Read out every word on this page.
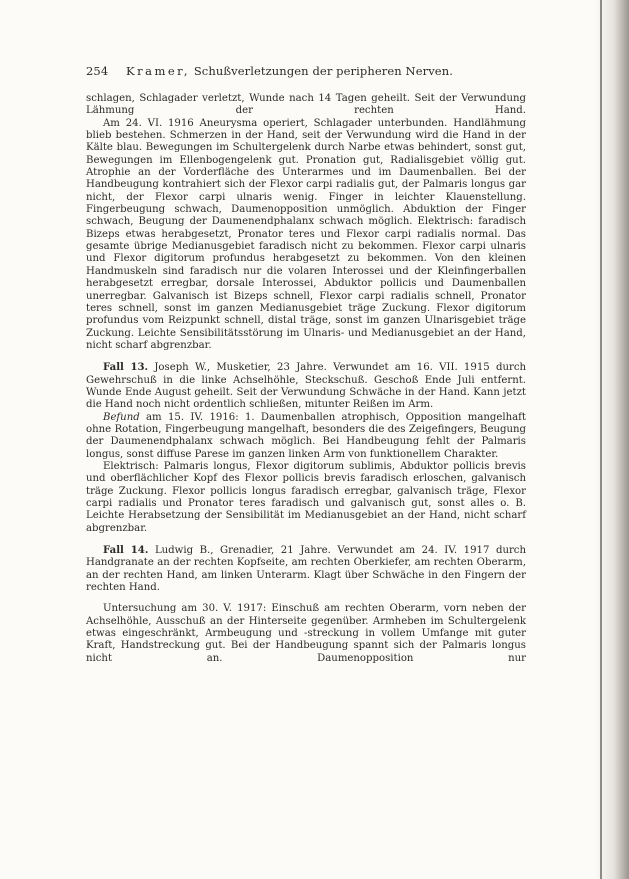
254 Kramer, Schußverletzungen der peripheren Nerven.

schlagen, Schlagader verletzt, Wunde nach 14 Tagen geheilt. Seit der Verwundung Lähmung der rechten Hand.

Am 24. VI. 1916 Aneurysma operiert, Schlagader unterbunden. Handlähmung blieb bestehen. Schmerzen in der Hand, seit der Verwundung wird die Hand in der Kälte blau. Bewegungen im Schultergelenk durch Narbe etwas behindert, sonst gut, Bewegungen im Ellenbogengelenk gut. Pronation gut, Radialisgebiet völlig gut. Atrophie an der Vorderfläche des Unterarmes und im Daumenballen. Bei der Handbeugung kontrahiert sich der Flexor carpi radialis gut, der Palmaris longus gar nicht, der Flexor carpi ulnaris wenig. Finger in leichter Klauenstellung. Fingerbeugung schwach, Daumenopposition unmöglich. Abduktion der Finger schwach, Beugung der Daumenendphalanx schwach möglich. Elektrisch: faradisch Bizeps etwas herabgesetzt, Pronator teres und Flexor carpi radialis normal. Das gesamte übrige Medianusgebiet faradisch nicht zu bekommen. Flexor carpi ulnaris und Flexor digitorum profundus herabgesetzt zu bekommen. Von den kleinen Handmuskeln sind faradisch nur die volaren Interossei und der Kleinfingerballen herabgesetzt erregbar, dorsale Interossei, Abduktor pollicis und Daumenballen unerregbar. Galvanisch ist Bizeps schnell, Flexor carpi radialis schnell, Pronator teres schnell, sonst im ganzen Medianusgebiet träge Zuckung. Flexor digitorum profundus vom Reizpunkt schnell, distal träge, sonst im ganzen Ulnarisgebiet träge Zuckung. Leichte Sensibilitätsstörung im Ulnaris- und Medianusgebiet an der Hand, nicht scharf abgrenzbar.

Fall 13. Joseph W., Musketier, 23 Jahre. Verwundet am 16. VII. 1915 durch Gewehrschuß in die linke Achselhöhle, Steckschuß. Geschoß Ende Juli entfernt. Wunde Ende August geheilt. Seit der Verwundung Schwäche in der Hand. Kann jetzt die Hand noch nicht ordentlich schließen, mitunter Reißen im Arm.

Befund am 15. IV. 1916: 1. Daumenballen atrophisch, Opposition mangelhaft ohne Rotation, Fingerbeugung mangelhaft, besonders die des Zeigefingers, Beugung der Daumenendphalanx schwach möglich. Bei Handbeugung fehlt der Palmaris longus, sonst diffuse Parese im ganzen linken Arm von funktionellem Charakter.

Elektrisch: Palmaris longus, Flexor digitorum sublimis, Abduktor pollicis brevis und oberflächlicher Kopf des Flexor pollicis brevis faradisch erloschen, galvanisch träge Zuckung. Flexor pollicis longus faradisch erregbar, galvanisch träge, Flexor carpi radialis und Pronator teres faradisch und galvanisch gut, sonst alles o. B. Leichte Herabsetzung der Sensibilität im Medianusgebiet an der Hand, nicht scharf abgrenzbar.

Fall 14. Ludwig B., Grenadier, 21 Jahre. Verwundet am 24. IV. 1917 durch Handgranate an der rechten Kopfseite, am rechten Oberkiefer, am rechten Oberarm, an der rechten Hand, am linken Unterarm. Klagt über Schwäche in den Fingern der rechten Hand.

Untersuchung am 30. V. 1917: Einschuß am rechten Oberarm, vorn neben der Achselhöhle, Ausschuß an der Hinterseite gegenüber. Armheben im Schultergelenk etwas eingeschränkt, Armbeugung und -streckung in vollem Umfange mit guter Kraft, Handstreckung gut. Bei der Handbeugung spannt sich der Palmaris longus nicht an. Daumenopposition nur
